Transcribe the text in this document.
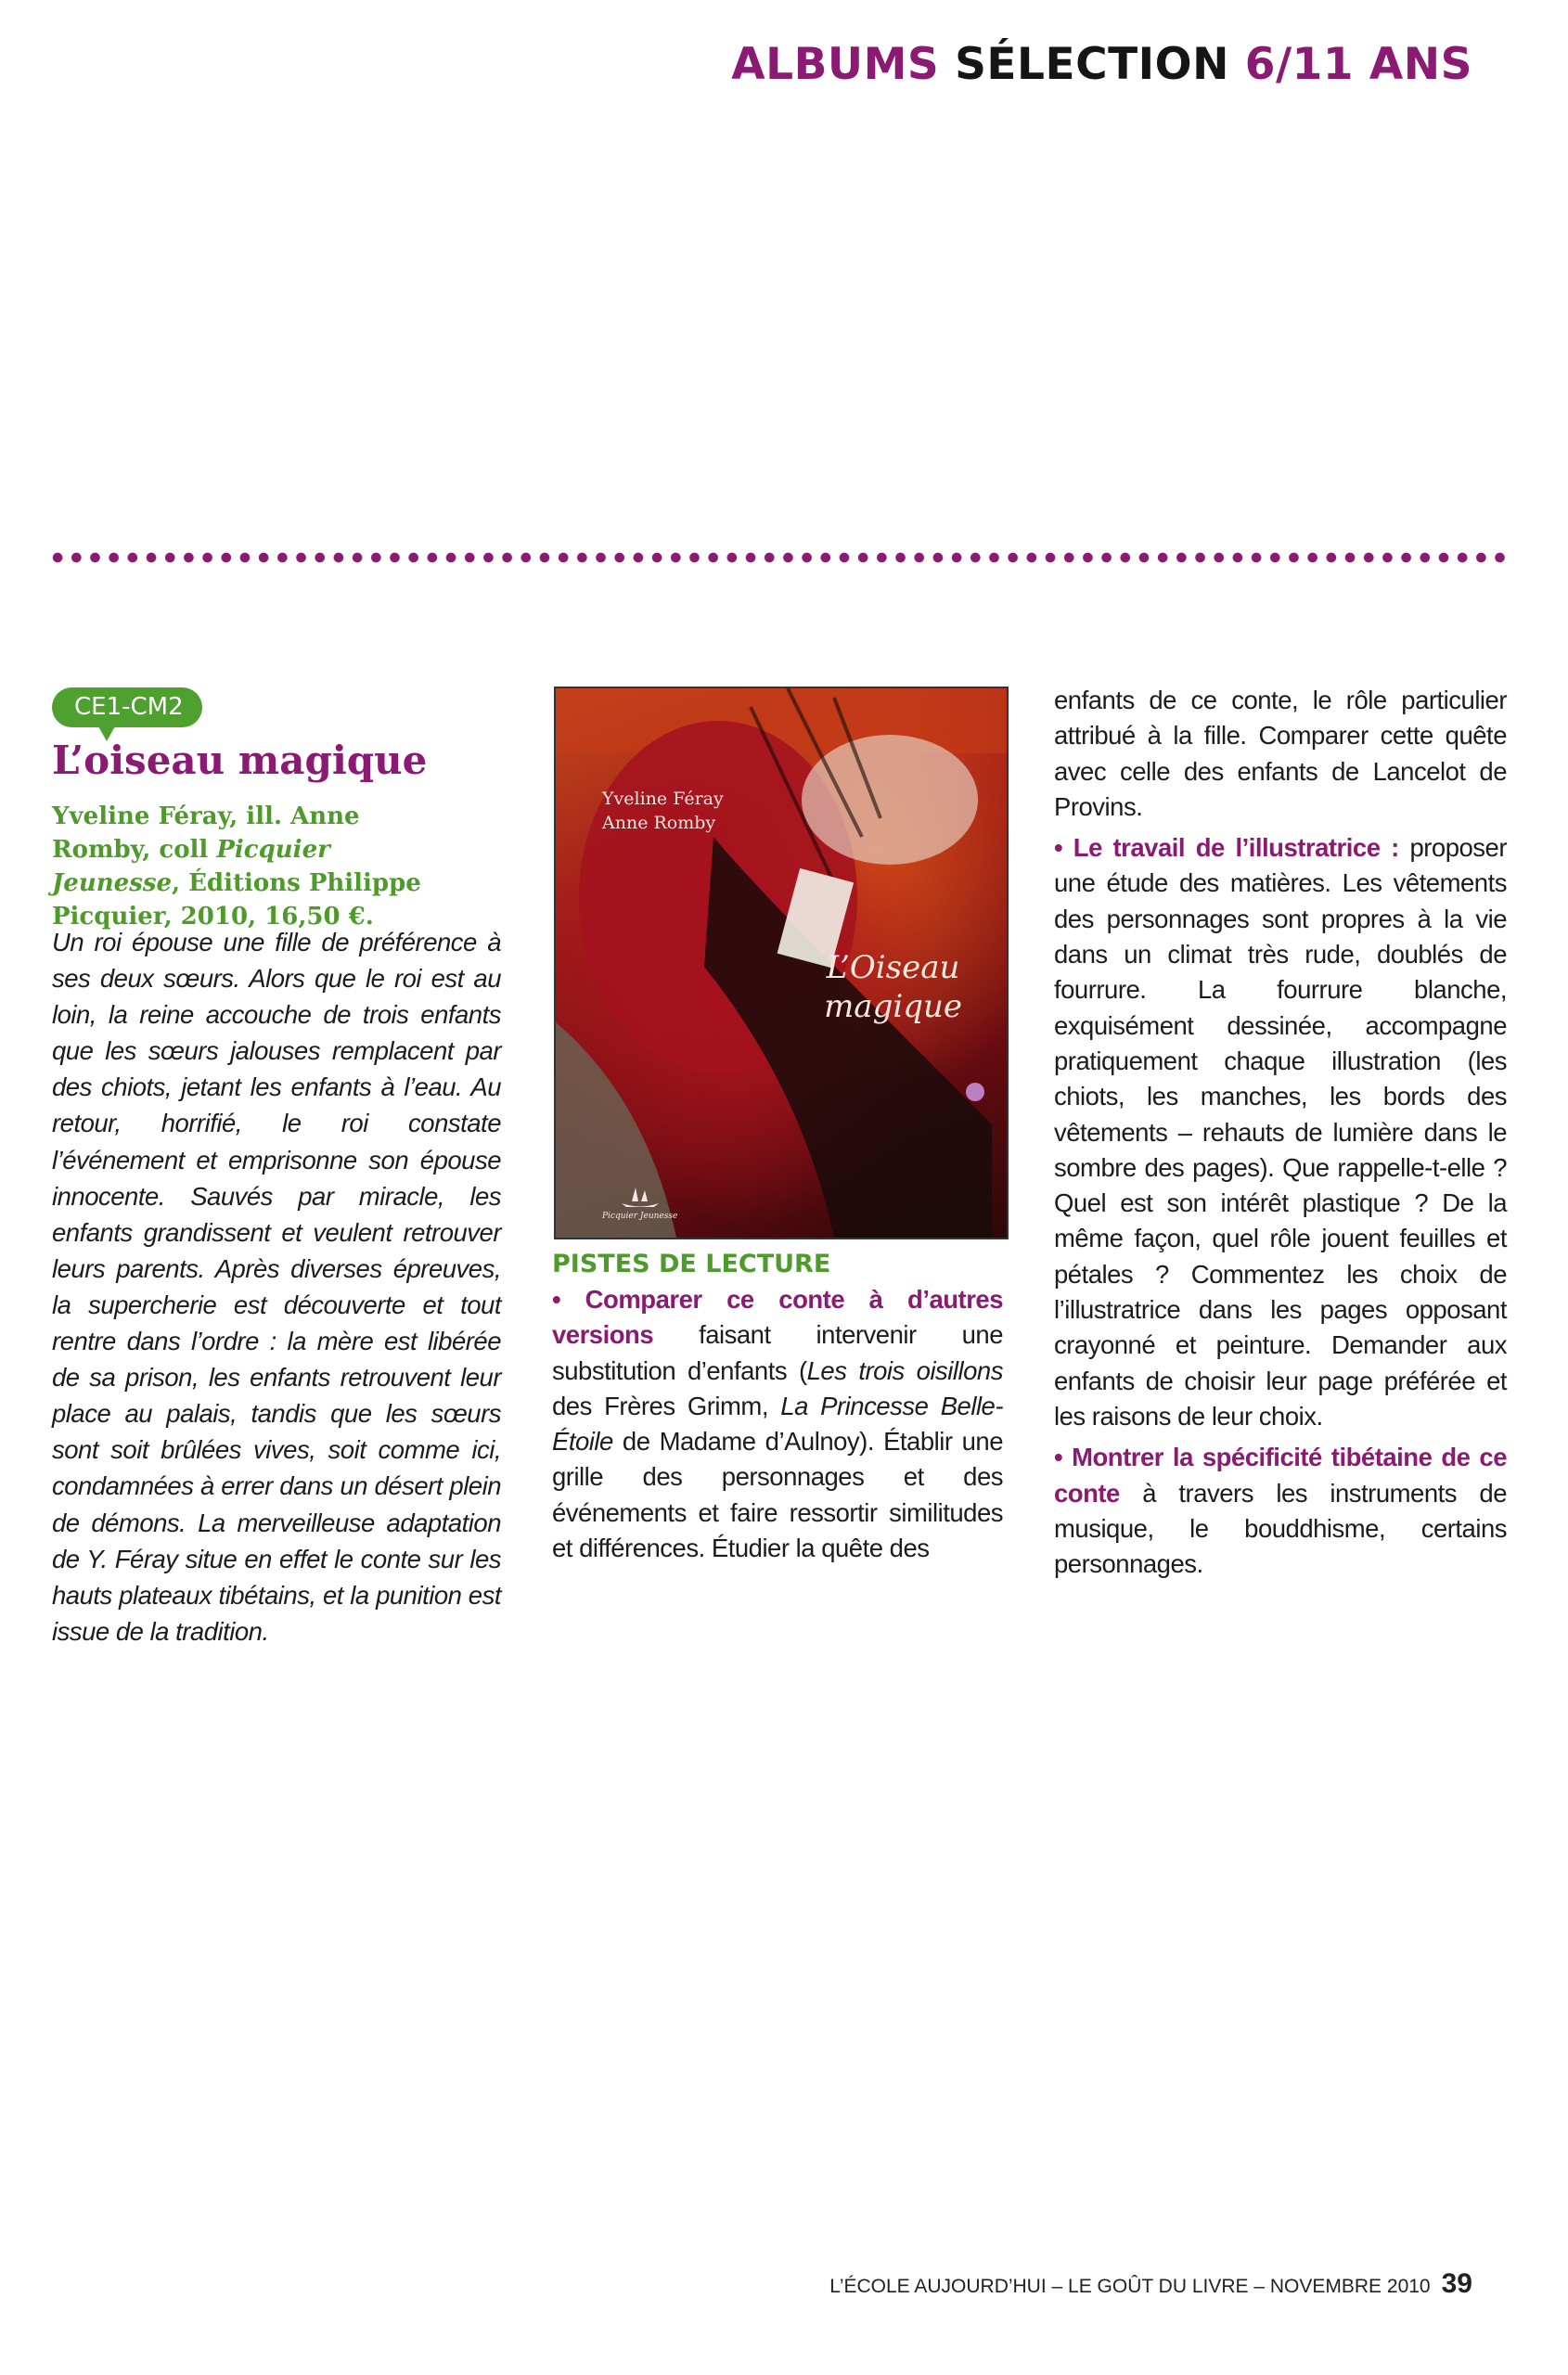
ALBUMS SÉLECTION 6/11 ANS
CE1-CM2
L’oiseau magique
Yveline Féray, ill. Anne Romby, coll Picquier Jeunesse, Éditions Philippe Picquier, 2010, 16,50 €.
Un roi épouse une fille de préférence à ses deux sœurs. Alors que le roi est au loin, la reine accouche de trois enfants que les sœurs jalouses remplacent par des chiots, jetant les enfants à l’eau. Au retour, horrifié, le roi constate l’événement et emprisonne son épouse innocente. Sauvés par miracle, les enfants grandissent et veulent retrouver leurs parents. Après diverses épreuves, la supercherie est découverte et tout rentre dans l’ordre : la mère est libérée de sa prison, les enfants retrouvent leur place au palais, tandis que les sœurs sont soit brûlées vives, soit comme ici, condamnées à errer dans un désert plein de démons. La merveilleuse adaptation de Y. Féray situe en effet le conte sur les hauts plateaux tibétains, et la punition est issue de la tradition.
Yveline Féray
Anne Romby
L’Oiseau
magique
Picquier Jeunesse
PISTES DE LECTURE

• Comparer ce conte à d’autres versions faisant intervenir une substitution d’enfants (Les trois oisillons des Frères Grimm, La Princesse Belle-Étoile de Madame d’Aulnoy). Établir une grille des personnages et des événements et faire ressortir similitudes et différences. Étudier la quête des

enfants de ce conte, le rôle particulier attribué à la fille. Comparer cette quête avec celle des enfants de Lancelot de Provins.

• Le travail de l’illustratrice : proposer une étude des matières. Les vêtements des personnages sont propres à la vie dans un climat très rude, doublés de fourrure. La fourrure blanche, exquisément dessinée, accompagne pratiquement chaque illustration (les chiots, les manches, les bords des vêtements – rehauts de lumière dans le sombre des pages). Que rappelle-t-elle ? Quel est son intérêt plastique ? De la même façon, quel rôle jouent feuilles et pétales ? Commentez les choix de l’illustratrice dans les pages opposant crayonné et peinture. Demander aux enfants de choisir leur page préférée et les raisons de leur choix.

• Montrer la spécificité tibétaine de ce conte à travers les instruments de musique, le bouddhisme, certains personnages.

L’ÉCOLE AUJOURD’HUI – LE GOÛT DU LIVRE – NOVEMBRE 2010 39
